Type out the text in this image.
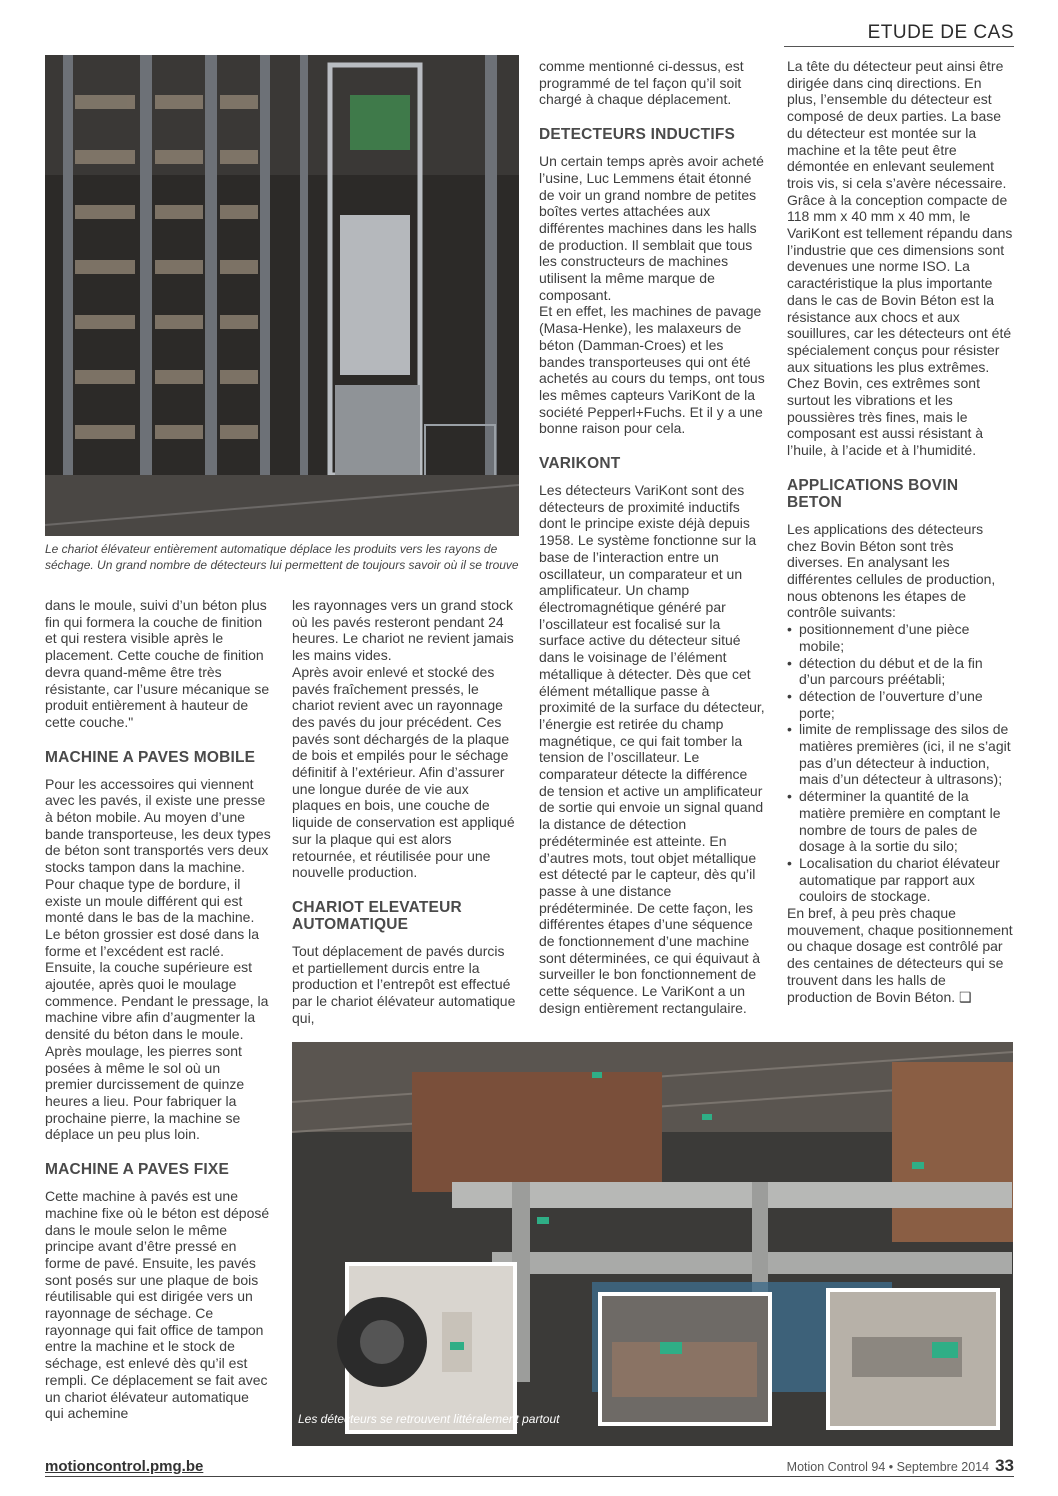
ETUDE DE CAS
Le chariot élévateur entièrement automatique déplace les produits vers les rayons de séchage. Un grand nombre de détecteurs lui permettent de toujours savoir où il se trouve

dans le moule, suivi d’un béton plus fin qui formera la couche de finition et qui restera visible après le placement. Cette couche de finition devra quand-même être très résistante, car l’usure mécanique se produit entièrement à hauteur de cette couche."

MACHINE A PAVES MOBILE

Pour les accessoires qui viennent avec les pavés, il existe une presse à béton mobile. Au moyen d’une bande transporteuse, les deux types de béton sont transportés vers deux stocks tampon dans la machine. Pour chaque type de bordure, il existe un moule différent qui est monté dans le bas de la machine. Le béton grossier est dosé dans la forme et l’excédent est raclé. Ensuite, la couche supérieure est ajoutée, après quoi le moulage commence. Pendant le pressage, la machine vibre afin d’augmenter la densité du béton dans le moule.

Après moulage, les pierres sont posées à même le sol où un premier durcissement de quinze heures a lieu. Pour fabriquer la prochaine pierre, la machine se déplace un peu plus loin.

MACHINE A PAVES FIXE

Cette machine à pavés est une machine fixe où le béton est déposé dans le moule selon le même principe avant d’être pressé en forme de pavé. Ensuite, les pavés sont posés sur une plaque de bois réutilisable qui est dirigée vers un rayonnage de séchage. Ce rayonnage qui fait office de tampon entre la machine et le stock de séchage, est enlevé dès qu’il est rempli. Ce déplacement se fait avec un chariot élévateur automatique qui achemine

les rayonnages vers un grand stock où les pavés resteront pendant 24 heures. Le chariot ne revient jamais les mains vides.

Après avoir enlevé et stocké des pavés fraîchement pressés, le chariot revient avec un rayonnage des pavés du jour précédent. Ces pavés sont déchargés de la plaque de bois et empilés pour le séchage définitif à l’extérieur. Afin d’assurer une longue durée de vie aux plaques en bois, une couche de liquide de conservation est appliqué sur la plaque qui est alors retournée, et réutilisée pour une nouvelle production.

CHARIOT ELEVATEUR AUTOMATIQUE

Tout déplacement de pavés durcis et partiellement durcis entre la production et l’entrepôt est effectué par le chariot élévateur automatique qui,

comme mentionné ci-dessus, est programmé de tel façon qu’il soit chargé à chaque déplacement.

DETECTEURS INDUCTIFS

Un certain temps après avoir acheté l’usine, Luc Lemmens était étonné de voir un grand nombre de petites boîtes vertes attachées aux différentes machines dans les halls de production. Il semblait que tous les constructeurs de machines utilisent la même marque de composant.

Et en effet, les machines de pavage (Masa-Henke), les malaxeurs de béton (Damman-Croes) et les bandes transporteuses qui ont été achetés au cours du temps, ont tous les mêmes capteurs VariKont de la société Pepperl+Fuchs. Et il y a une bonne raison pour cela.

VARIKONT

Les détecteurs VariKont sont des détecteurs de proximité inductifs dont le principe existe déjà depuis 1958. Le système fonctionne sur la base de l’interaction entre un oscillateur, un comparateur et un amplificateur. Un champ électromagnétique généré par l’oscillateur est focalisé sur la surface active du détecteur situé dans le voisinage de l’élément métallique à détecter. Dès que cet élément métallique passe à proximité de la surface du détecteur, l’énergie est retirée du champ magnétique, ce qui fait tomber la tension de l’oscillateur. Le comparateur détecte la différence de tension et active un amplificateur de sortie qui envoie un signal quand la distance de détection prédéterminée est atteinte. En d’autres mots, tout objet métallique est détecté par le capteur, dès qu’il passe à une distance prédéterminée. De cette façon, les différentes étapes d’une séquence de fonctionnement d’une machine sont déterminées, ce qui équivaut à surveiller le bon fonctionnement de cette séquence. Le VariKont a un design entièrement rectangulaire.

La tête du détecteur peut ainsi être dirigée dans cinq directions. En plus, l’ensemble du détecteur est composé de deux parties. La base du détecteur est montée sur la machine et la tête peut être démontée en enlevant seulement trois vis, si cela s’avère nécessaire.

Grâce à la conception compacte de 118 mm x 40 mm x 40 mm, le VariKont est tellement répandu dans l’industrie que ces dimensions sont devenues une norme ISO. La caractéristique la plus importante dans le cas de Bovin Béton est la résistance aux chocs et aux souillures, car les détecteurs ont été spécialement conçus pour résister aux situations les plus extrêmes. Chez Bovin, ces extrêmes sont surtout les vibrations et les poussières très fines, mais le composant est aussi résistant à l’huile, à l’acide et à l’humidité.

APPLICATIONS BOVIN BETON

Les applications des détecteurs chez Bovin Béton sont très diverses. En analysant les différentes cellules de production, nous obtenons les étapes de contrôle suivants:

• positionnement d’une pièce mobile;
• détection du début et de la fin d’un parcours préétabli;
• détection de l’ouverture d’une porte;
• limite de remplissage des silos de matières premières (ici, il ne s’agit pas d’un détecteur à induction, mais d’un détecteur à ultrasons);
• déterminer la quantité de la matière première en comptant le nombre de tours de pales de dosage à la sortie du silo;
• Localisation du chariot élévateur automatique par rapport aux couloirs de stockage.

En bref, à peu près chaque mouvement, chaque positionnement ou chaque dosage est contrôlé par des centaines de détecteurs qui se trouvent dans les halls de production de Bovin Béton. ❑

Les détecteurs se retrouvent littéralement partout
motioncontrol.pmg.be	Motion Control 94 • Septembre 2014 33
